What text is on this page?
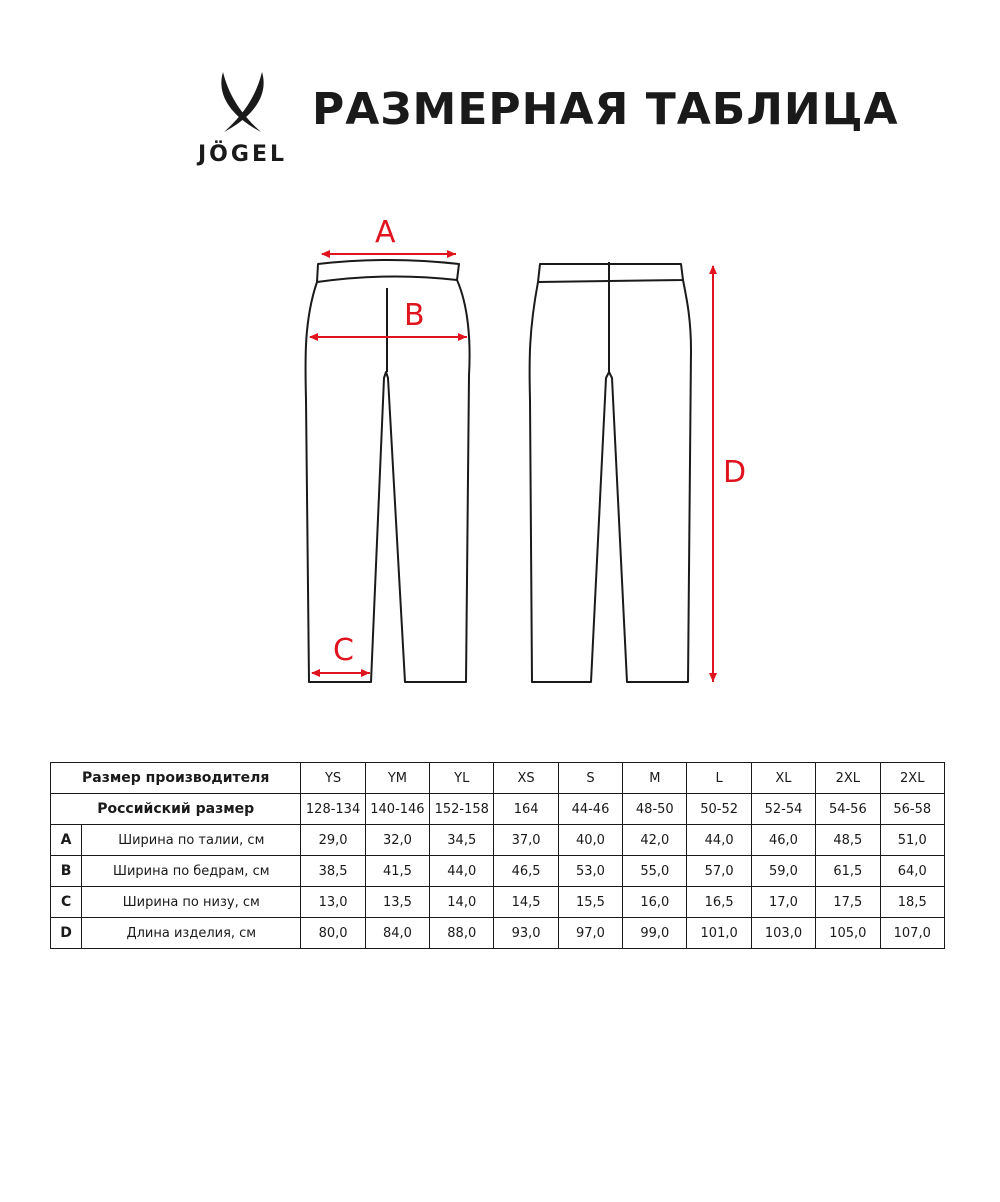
JÖGEL
РАЗМЕРНАЯ ТАБЛИЦА
A
B
C
D
Размер производителя		YS	YM	YL	XS	S	M	L	XL	2XL	2XL
Российский размер		128-134	140-146	152-158	164	44-46	48-50	50-52	52-54	54-56	56-58
A	Ширина по талии, см	29,0	32,0	34,5	37,0	40,0	42,0	44,0	46,0	48,5	51,0
B	Ширина по бедрам, см	38,5	41,5	44,0	46,5	53,0	55,0	57,0	59,0	61,5	64,0
C	Ширина по низу, см	13,0	13,5	14,0	14,5	15,5	16,0	16,5	17,0	17,5	18,5
D	Длина изделия, см	80,0	84,0	88,0	93,0	97,0	99,0	101,0	103,0	105,0	107,0
